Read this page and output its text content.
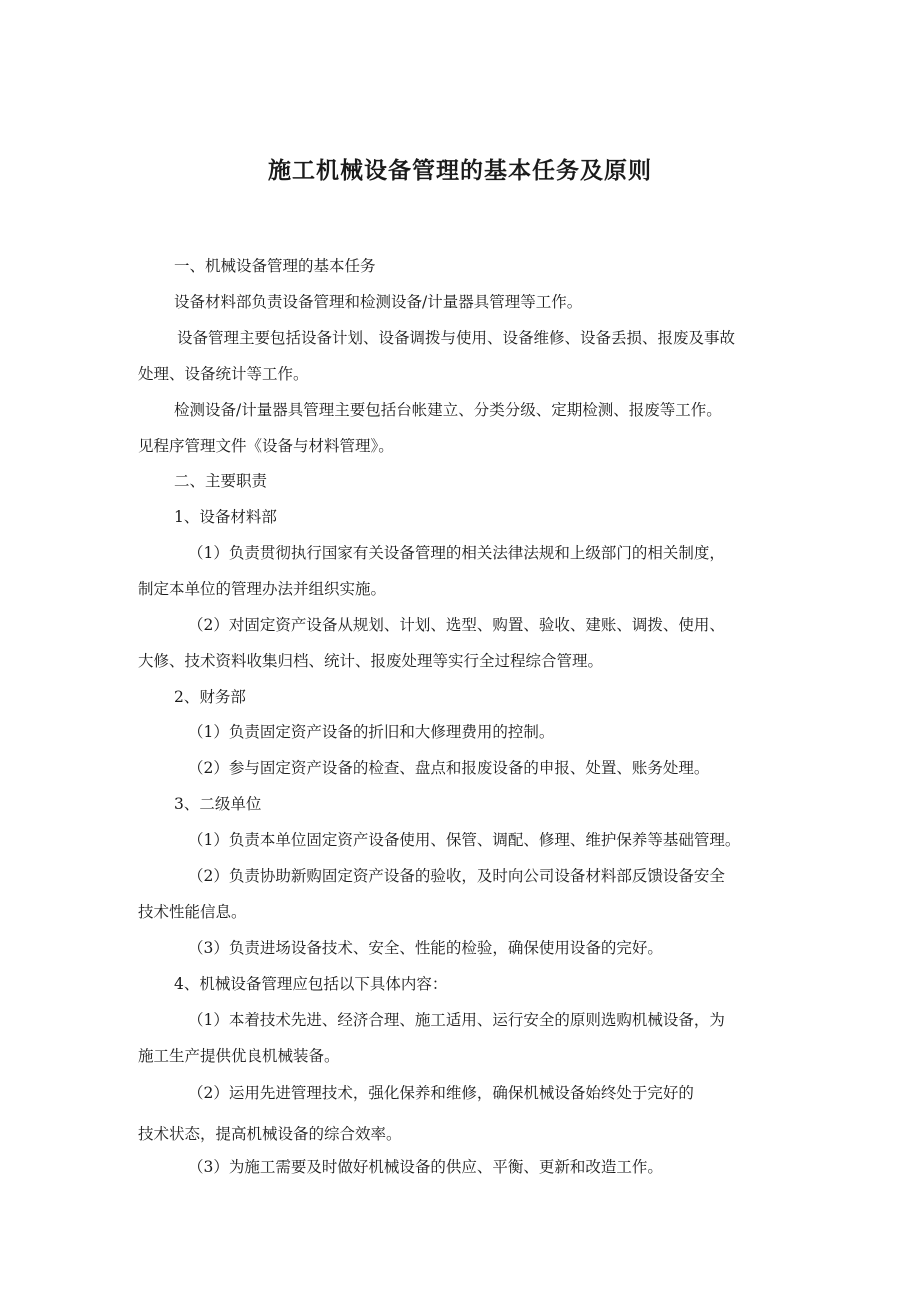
施工机械设备管理的基本任务及原则
一、机械设备管理的基本任务
设备材料部负责设备管理和检测设备/计量器具管理等工作。
设备管理主要包括设备计划、设备调拨与使用、设备维修、设备丢损、报废及事故
处理、设备统计等工作。
检测设备/计量器具管理主要包括台帐建立、分类分级、定期检测、报废等工作。
见程序管理文件《设备与材料管理》。
二、主要职责
1、设备材料部
（1）负责贯彻执行国家有关设备管理的相关法律法规和上级部门的相关制度，
制定本单位的管理办法并组织实施。
（2）对固定资产设备从规划、计划、选型、购置、验收、建账、调拨、使用、
大修、技术资料收集归档、统计、报废处理等实行全过程综合管理。
2、财务部
（1）负责固定资产设备的折旧和大修理费用的控制。
（2）参与固定资产设备的检查、盘点和报废设备的申报、处置、账务处理。
3、二级单位
（1）负责本单位固定资产设备使用、保管、调配、修理、维护保养等基础管理。
（2）负责协助新购固定资产设备的验收，及时向公司设备材料部反馈设备安全
技术性能信息。
（3）负责进场设备技术、安全、性能的检验，确保使用设备的完好。
4、机械设备管理应包括以下具体内容：
（1）本着技术先进、经济合理、施工适用、运行安全的原则选购机械设备，为
施工生产提供优良机械装备。
（2）运用先进管理技术，强化保养和维修，确保机械设备始终处于完好的
技术状态，提高机械设备的综合效率。
（3）为施工需要及时做好机械设备的供应、平衡、更新和改造工作。
